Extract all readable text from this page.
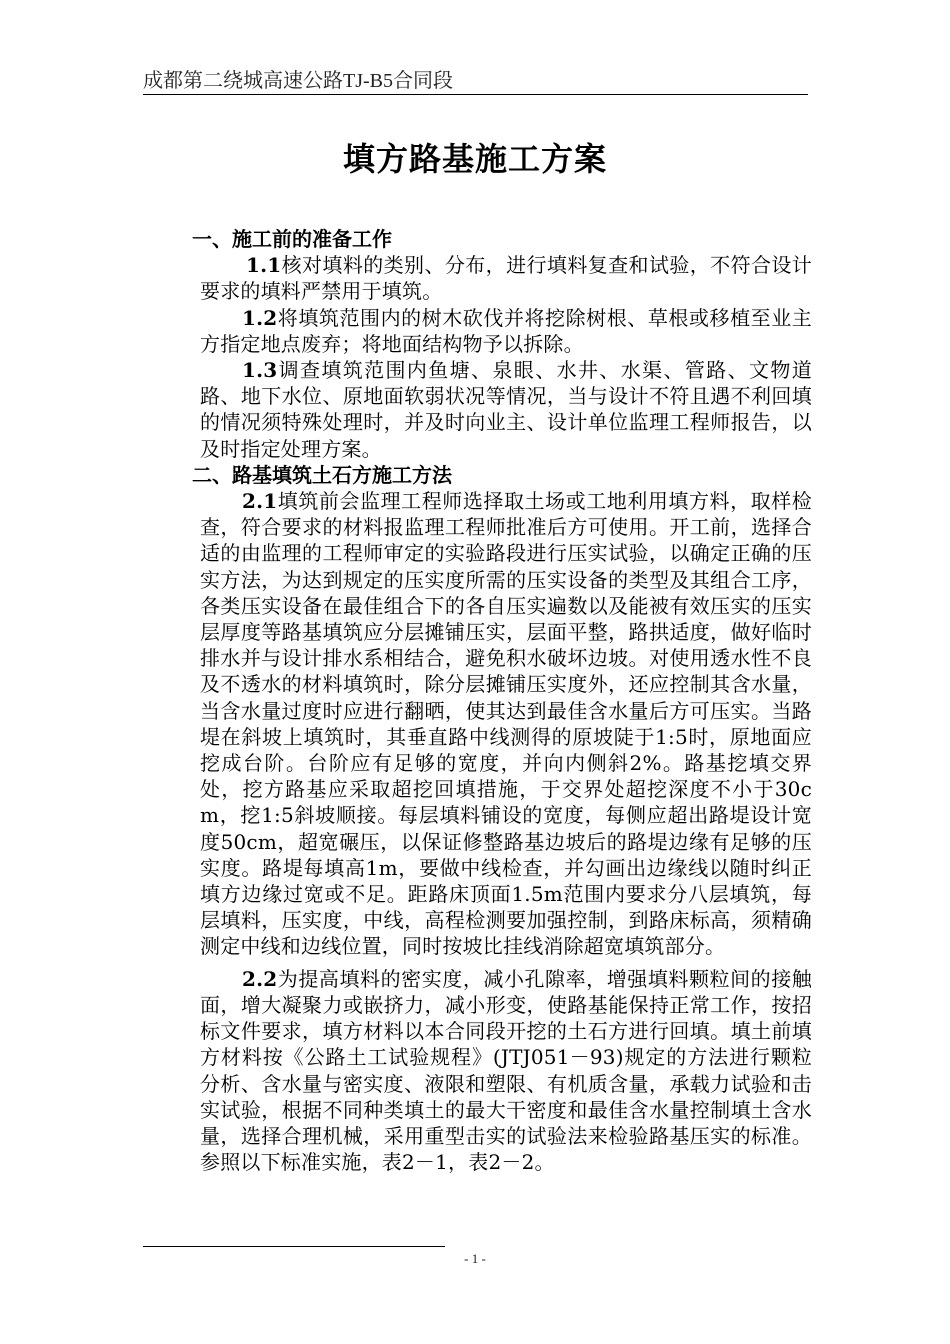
成都第二绕城高速公路TJ-B5合同段
填方路基施工方案
一、施工前的准备工作
1.1核对填料的类别、分布，进行填料复查和试验，不符合设计要求的填料严禁用于填筑。
1.2将填筑范围内的树木砍伐并将挖除树根、草根或移植至业主方指定地点废弃；将地面结构物予以拆除。
1.3调查填筑范围内鱼塘、泉眼、水井、水渠、管路、文物道路、地下水位、原地面软弱状况等情况，当与设计不符且遇不利回填的情况须特殊处理时，并及时向业主、设计单位监理工程师报告，以及时指定处理方案。
二、路基填筑土石方施工方法
2.1填筑前会监理工程师选择取土场或工地利用填方料，取样检查，符合要求的材料报监理工程师批准后方可使用。开工前，选择合适的由监理的工程师审定的实验路段进行压实试验，以确定正确的压实方法，为达到规定的压实度所需的压实设备的类型及其组合工序，各类压实设备在最佳组合下的各自压实遍数以及能被有效压实的压实层厚度等路基填筑应分层摊铺压实，层面平整，路拱适度，做好临时排水并与设计排水系相结合，避免积水破坏边坡。对使用透水性不良及不透水的材料填筑时，除分层摊铺压实度外，还应控制其含水量，当含水量过度时应进行翻晒，使其达到最佳含水量后方可压实。当路堤在斜坡上填筑时，其垂直路中线测得的原坡陡于1:5时，原地面应挖成台阶。台阶应有足够的宽度，并向内侧斜2%。路基挖填交界处，挖方路基应采取超挖回填措施，于交界处超挖深度不小于30cm，挖1:5斜坡顺接。每层填料铺设的宽度，每侧应超出路堤设计宽度50cm，超宽碾压，以保证修整路基边坡后的路堤边缘有足够的压实度。路堤每填高1m，要做中线检查，并勾画出边缘线以随时纠正填方边缘过宽或不足。距路床顶面1.5m范围内要求分八层填筑，每层填料，压实度，中线，高程检测要加强控制，到路床标高，须精确测定中线和边线位置，同时按坡比挂线消除超宽填筑部分。
2.2为提高填料的密实度，减小孔隙率，增强填料颗粒间的接触面，增大凝聚力或嵌挤力，减小形变，使路基能保持正常工作，按招标文件要求，填方材料以本合同段开挖的土石方进行回填。填土前填方材料按《公路土工试验规程》(JTJ051－93)规定的方法进行颗粒分析、含水量与密实度、液限和塑限、有机质含量，承载力试验和击实试验，根据不同种类填土的最大干密度和最佳含水量控制填土含水量，选择合理机械，采用重型击实的试验法来检验路基压实的标准。参照以下标准实施，表2－1，表2－2。
- 1 -
